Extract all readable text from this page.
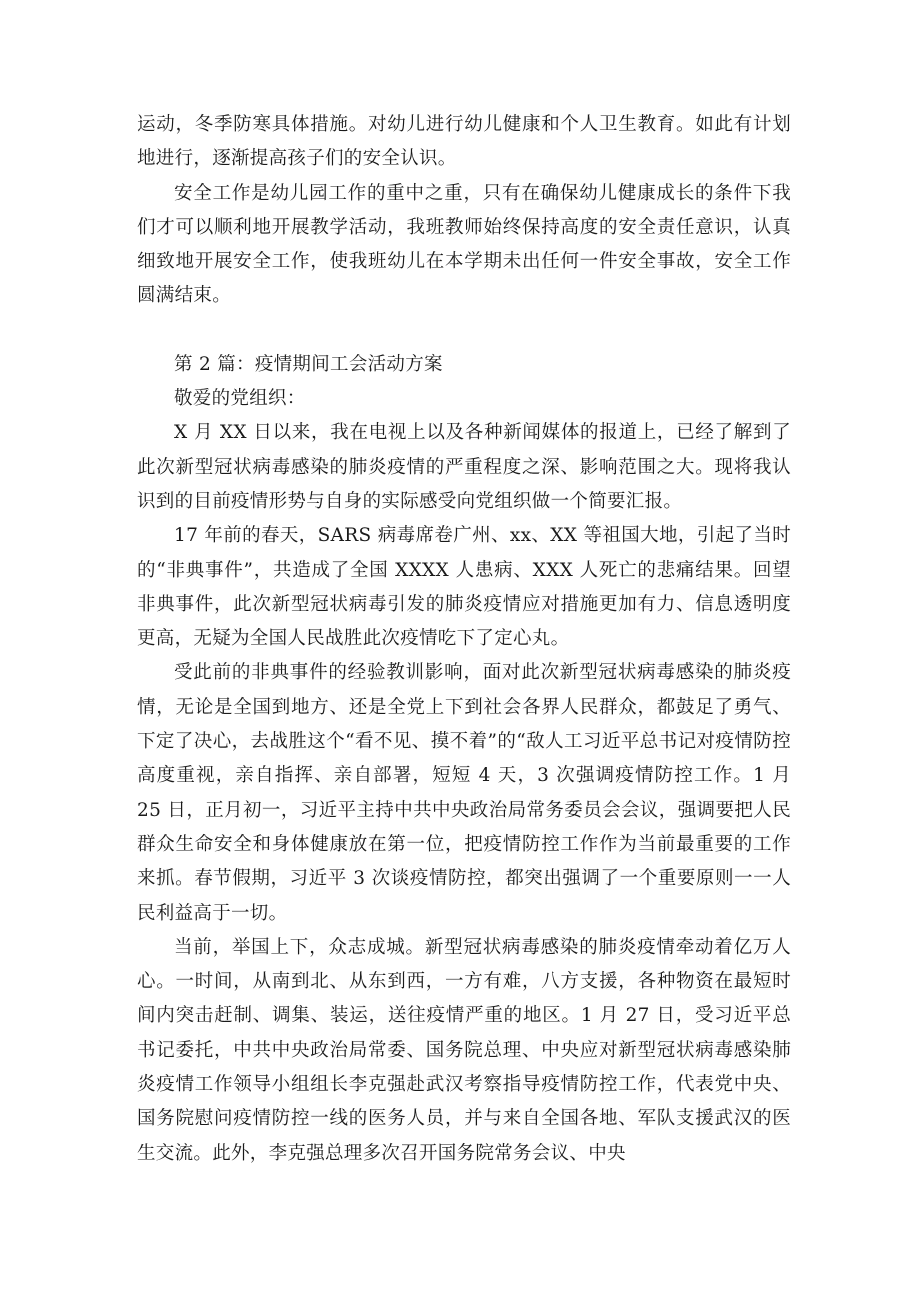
运动，冬季防寒具体措施。对幼儿进行幼儿健康和个人卫生教育。如此有计划地进行，逐渐提高孩子们的安全认识。

安全工作是幼儿园工作的重中之重，只有在确保幼儿健康成长的条件下我们才可以顺利地开展教学活动，我班教师始终保持高度的安全责任意识，认真细致地开展安全工作，使我班幼儿在本学期未出任何一件安全事故，安全工作圆满结束。

第 2 篇：疫情期间工会活动方案

敬爱的党组织：

X 月 XX 日以来，我在电视上以及各种新闻媒体的报道上，已经了解到了此次新型冠状病毒感染的肺炎疫情的严重程度之深、影响范围之大。现将我认识到的目前疫情形势与自身的实际感受向党组织做一个简要汇报。

17 年前的春天，SARS 病毒席卷广州、xx、XX 等祖国大地，引起了当时的“非典事件”，共造成了全国 XXXX 人患病、XXX 人死亡的悲痛结果。回望非典事件，此次新型冠状病毒引发的肺炎疫情应对措施更加有力、信息透明度更高，无疑为全国人民战胜此次疫情吃下了定心丸。

受此前的非典事件的经验教训影响，面对此次新型冠状病毒感染的肺炎疫情，无论是全国到地方、还是全党上下到社会各界人民群众，都鼓足了勇气、下定了决心，去战胜这个“看不见、摸不着”的“敌人工习近平总书记对疫情防控高度重视，亲自指挥、亲自部署，短短 4 天，3 次强调疫情防控工作。1 月 25 日，正月初一，习近平主持中共中央政治局常务委员会会议，强调要把人民群众生命安全和身体健康放在第一位，把疫情防控工作作为当前最重要的工作来抓。春节假期，习近平 3 次谈疫情防控，都突出强调了一个重要原则一一人民利益高于一切。

当前，举国上下，众志成城。新型冠状病毒感染的肺炎疫情牵动着亿万人心。一时间，从南到北、从东到西，一方有难，八方支援，各种物资在最短时间内突击赶制、调集、装运，送往疫情严重的地区。1 月 27 日，受习近平总书记委托，中共中央政治局常委、国务院总理、中央应对新型冠状病毒感染肺炎疫情工作领导小组组长李克强赴武汉考察指导疫情防控工作，代表党中央、国务院慰问疫情防控一线的医务人员，并与来自全国各地、军队支援武汉的医生交流。此外，李克强总理多次召开国务院常务会议、中央
